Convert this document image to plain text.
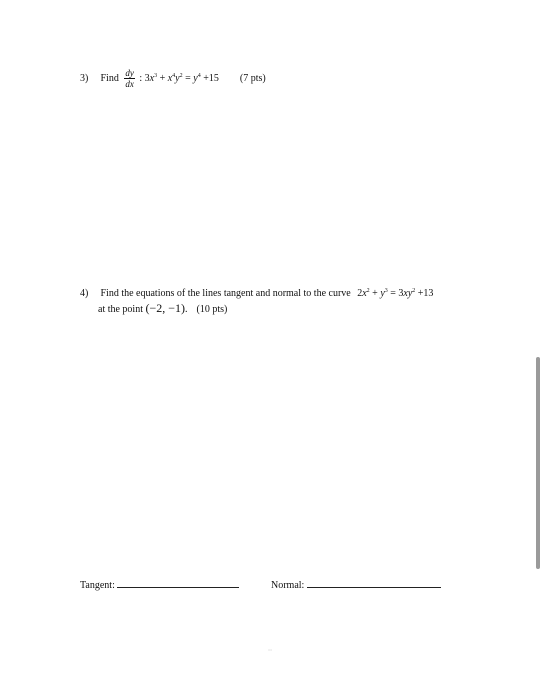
3) Find $\frac{dy}{dx}$ : $3x^3 + x^4y^2 = y^4 +15$ (7 pts)
4) Find the equations of the lines tangent and normal to the curve $2x^2 + y^3 = 3xy^2 +13$
at the point (−2, −1). (10 pts)
Tangent:	Normal:
▫▫
